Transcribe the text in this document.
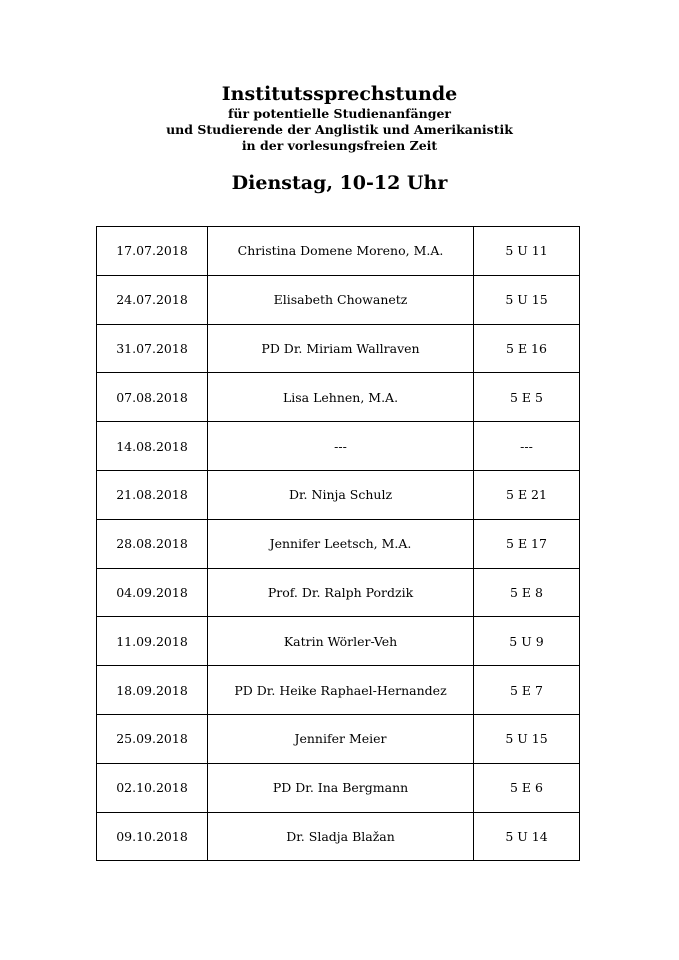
Institutssprechstunde

für potentielle Studienanfänger

und Studierende der Anglistik und Amerikanistik

in der vorlesungsfreien Zeit

Dienstag, 10-12 Uhr

17.07.2018	Christina Domene Moreno, M.A.	5 U 11
24.07.2018	Elisabeth Chowanetz	5 U 15
31.07.2018	PD Dr. Miriam Wallraven	5 E 16
07.08.2018	Lisa Lehnen, M.A.	5 E 5
14.08.2018	---	---
21.08.2018	Dr. Ninja Schulz	5 E 21
28.08.2018	Jennifer Leetsch, M.A.	5 E 17
04.09.2018	Prof. Dr. Ralph Pordzik	5 E 8
11.09.2018	Katrin Wörler-Veh	5 U 9
18.09.2018	PD Dr. Heike Raphael-Hernandez	5 E 7
25.09.2018	Jennifer Meier	5 U 15
02.10.2018	PD Dr. Ina Bergmann	5 E 6
09.10.2018	Dr. Sladja Blažan	5 U 14
